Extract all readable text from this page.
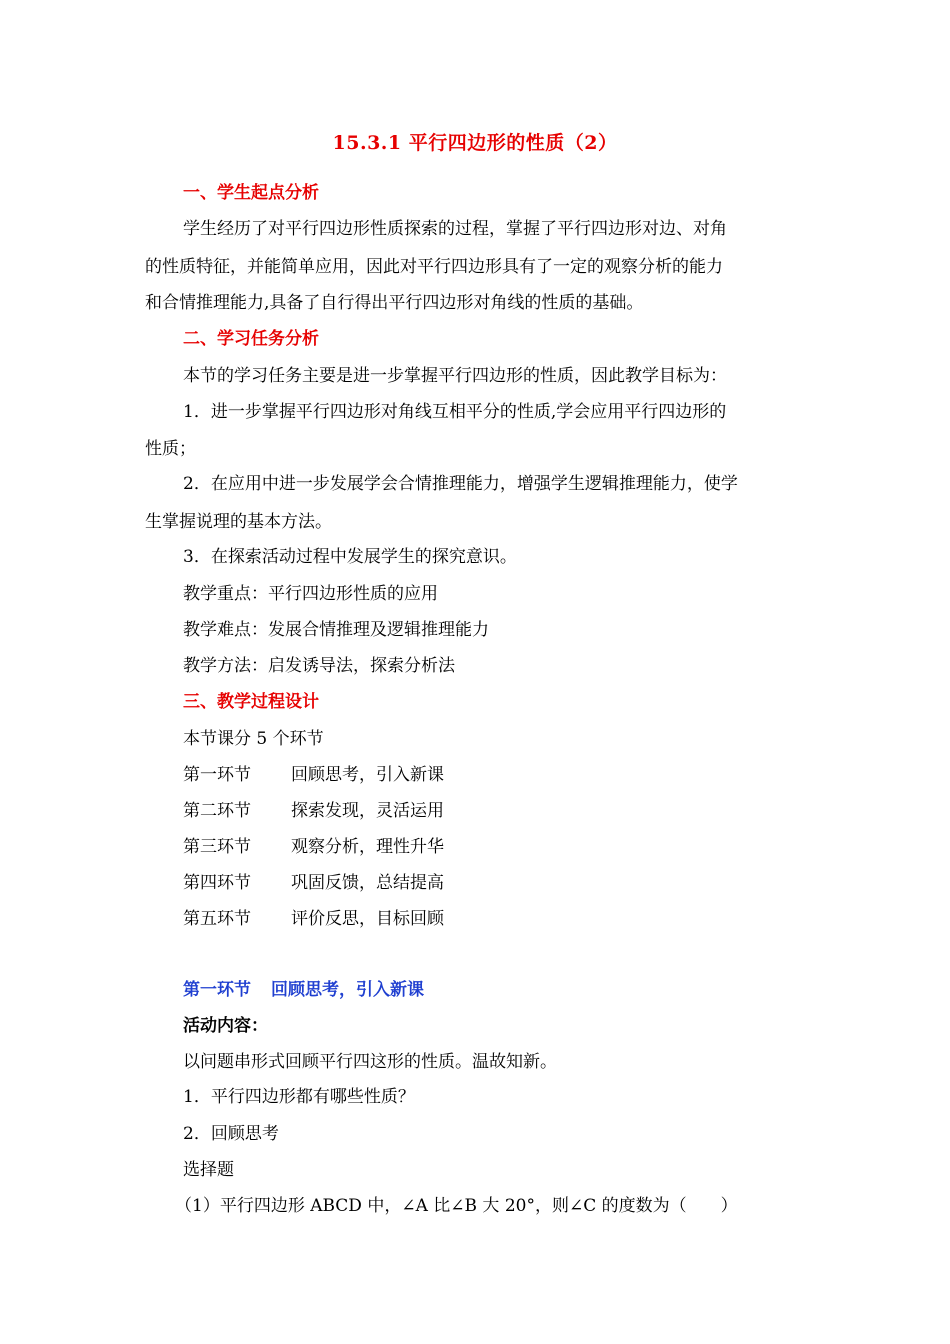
15.3.1 平行四边形的性质（2）
一、学生起点分析
学生经历了对平行四边形性质探索的过程，掌握了平行四边形对边、对角
的性质特征，并能简单应用，因此对平行四边形具有了一定的观察分析的能力
和合情推理能力,具备了自行得出平行四边形对角线的性质的基础。
二、学习任务分析
本节的学习任务主要是进一步掌握平行四边形的性质，因此教学目标为：
1．进一步掌握平行四边形对角线互相平分的性质,学会应用平行四边形的
性质；
2．在应用中进一步发展学会合情推理能力，增强学生逻辑推理能力，使学
生掌握说理的基本方法。
3．在探索活动过程中发展学生的探究意识。
教学重点：平行四边形性质的应用
教学难点：发展合情推理及逻辑推理能力
教学方法：启发诱导法，探索分析法
三、教学过程设计
本节课分 5 个环节
第一环节 回顾思考，引入新课
第二环节 探索发现，灵活运用
第三环节 观察分析，理性升华
第四环节 巩固反馈，总结提高
第五环节 评价反思，目标回顾
第一环节 回顾思考，引入新课
活动内容：
以问题串形式回顾平行四这形的性质。温故知新。
1．平行四边形都有哪些性质？
2．回顾思考
选择题
（1）平行四边形 ABCD 中，∠A 比∠B 大 20°，则∠C 的度数为（　　）
